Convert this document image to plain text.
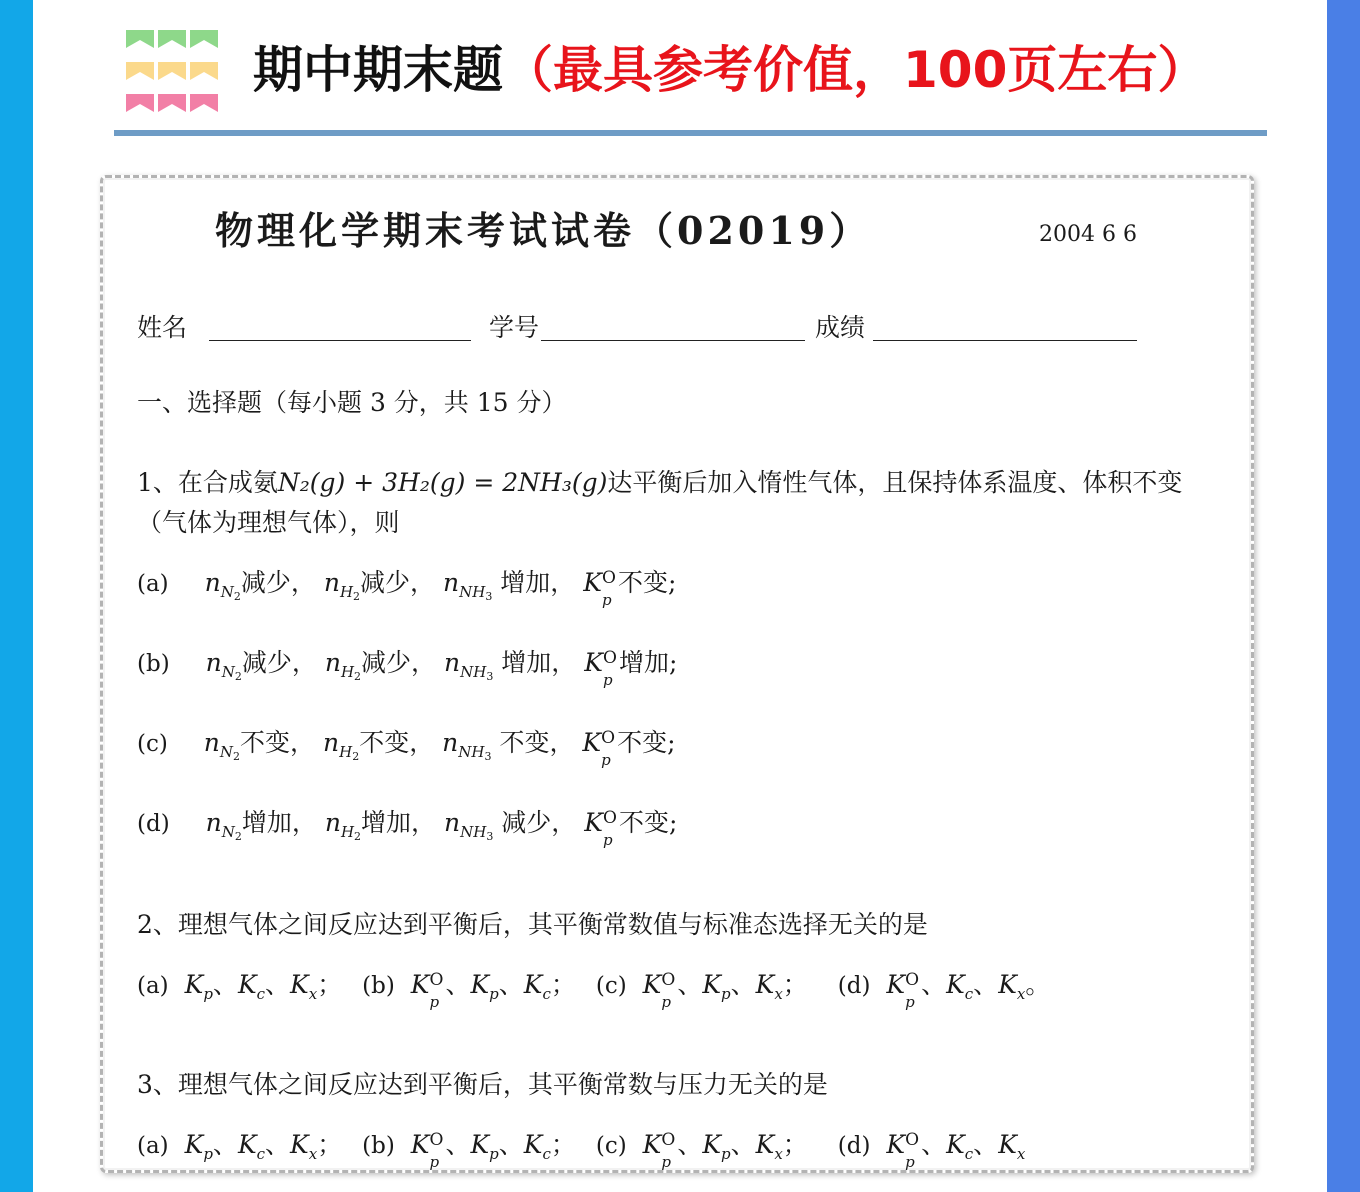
期中期末题（最具参考价值，100页左右）
物理化学期末考试试卷（02019）	2004 6 6
姓名	学号	成绩
一、选择题（每小题 3 分，共 15 分）
1、在合成氨N₂(g) + 3H₂(g) = 2NH₃(g)达平衡后加入惰性气体，且保持体系温度、体积不变
（气体为理想气体），则
(a) $n_{N_2}$减少， $n_{H_2}$减少， $n_{NH_3}$ 增加， K O
p
不变;
(b) $n_{N_2}$减少， $n_{H_2}$减少， $n_{NH_3}$ 增加， K O
p
增加;
(c) $n_{N_2}$不变， $n_{H_2}$不变， $n_{NH_3}$ 不变， K O
p
不变;
(d) $n_{N_2}$增加， $n_{H_2}$增加， $n_{NH_3}$ 减少， K O
p
不变;
2、理想气体之间反应达到平衡后，其平衡常数值与标准态选择无关的是
(a) $K_p$、$K_c$、$K_x$； (b) K O
p
、$K_p$、$K_c$； (c) K O
p
、$K_p$、$K_x$； (d) K O
p
、$K_c$、$K_x$。
3、理想气体之间反应达到平衡后，其平衡常数与压力无关的是
(a) $K_p$、$K_c$、$K_x$； (b) K O
p
、$K_p$、$K_c$； (c) K O
p
、$K_p$、$K_x$； (d) K O
p
、$K_c$、$K_x$
